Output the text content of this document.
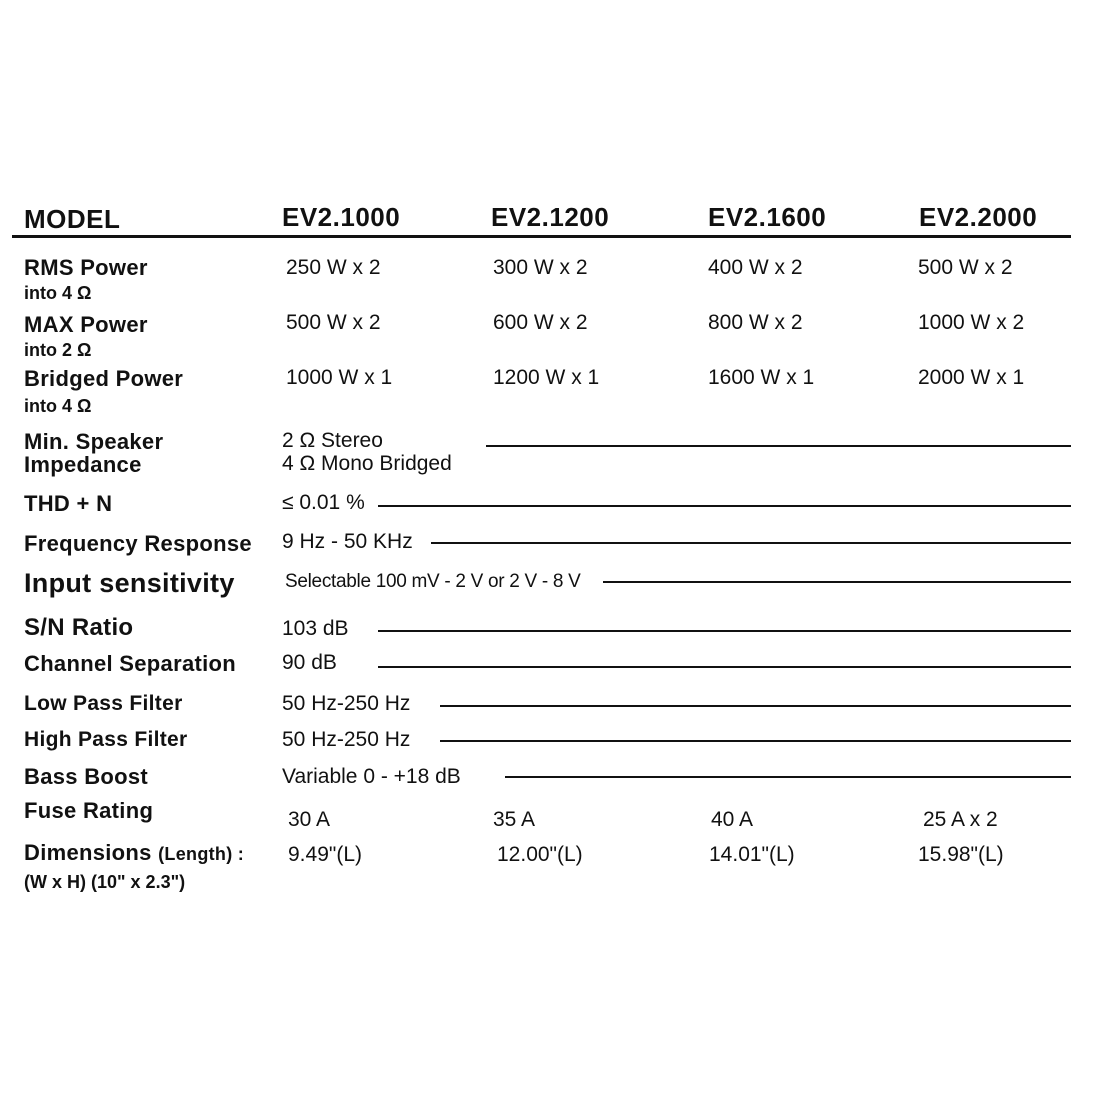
MODEL	EV2.1000	EV2.1200	EV2.1600	EV2.2000
RMS Power
into 4 Ω
250 W x 2	300 W x 2	400 W x 2	500 W x 2
MAX Power
into 2 Ω
500 W x 2	600 W x 2	800 W x 2	1000 W x 2
Bridged Power
into 4 Ω
1000 W x 1	1200 W x 1	1600 W x 1	2000 W x 1
Min. Speaker
Impedance
2 Ω Stereo
4 Ω Mono Bridged
THD + N	≤ 0.01 %
Frequency Response 9 Hz - 50 KHz
Input sensitivity	Selectable 100 mV - 2 V or 2 V - 8 V
S/N Ratio	103 dB
Channel Separation 90 dB
Low Pass Filter	50 Hz-250 Hz
High Pass Filter	50 Hz-250 Hz
Bass Boost	Variable 0 - +18 dB
Fuse Rating	30 A	35 A	40 A	25 A x 2
Dimensions (Length) :
(W x H) (10" x 2.3")
9.49"(L)	12.00"(L)	14.01"(L)	15.98"(L)
